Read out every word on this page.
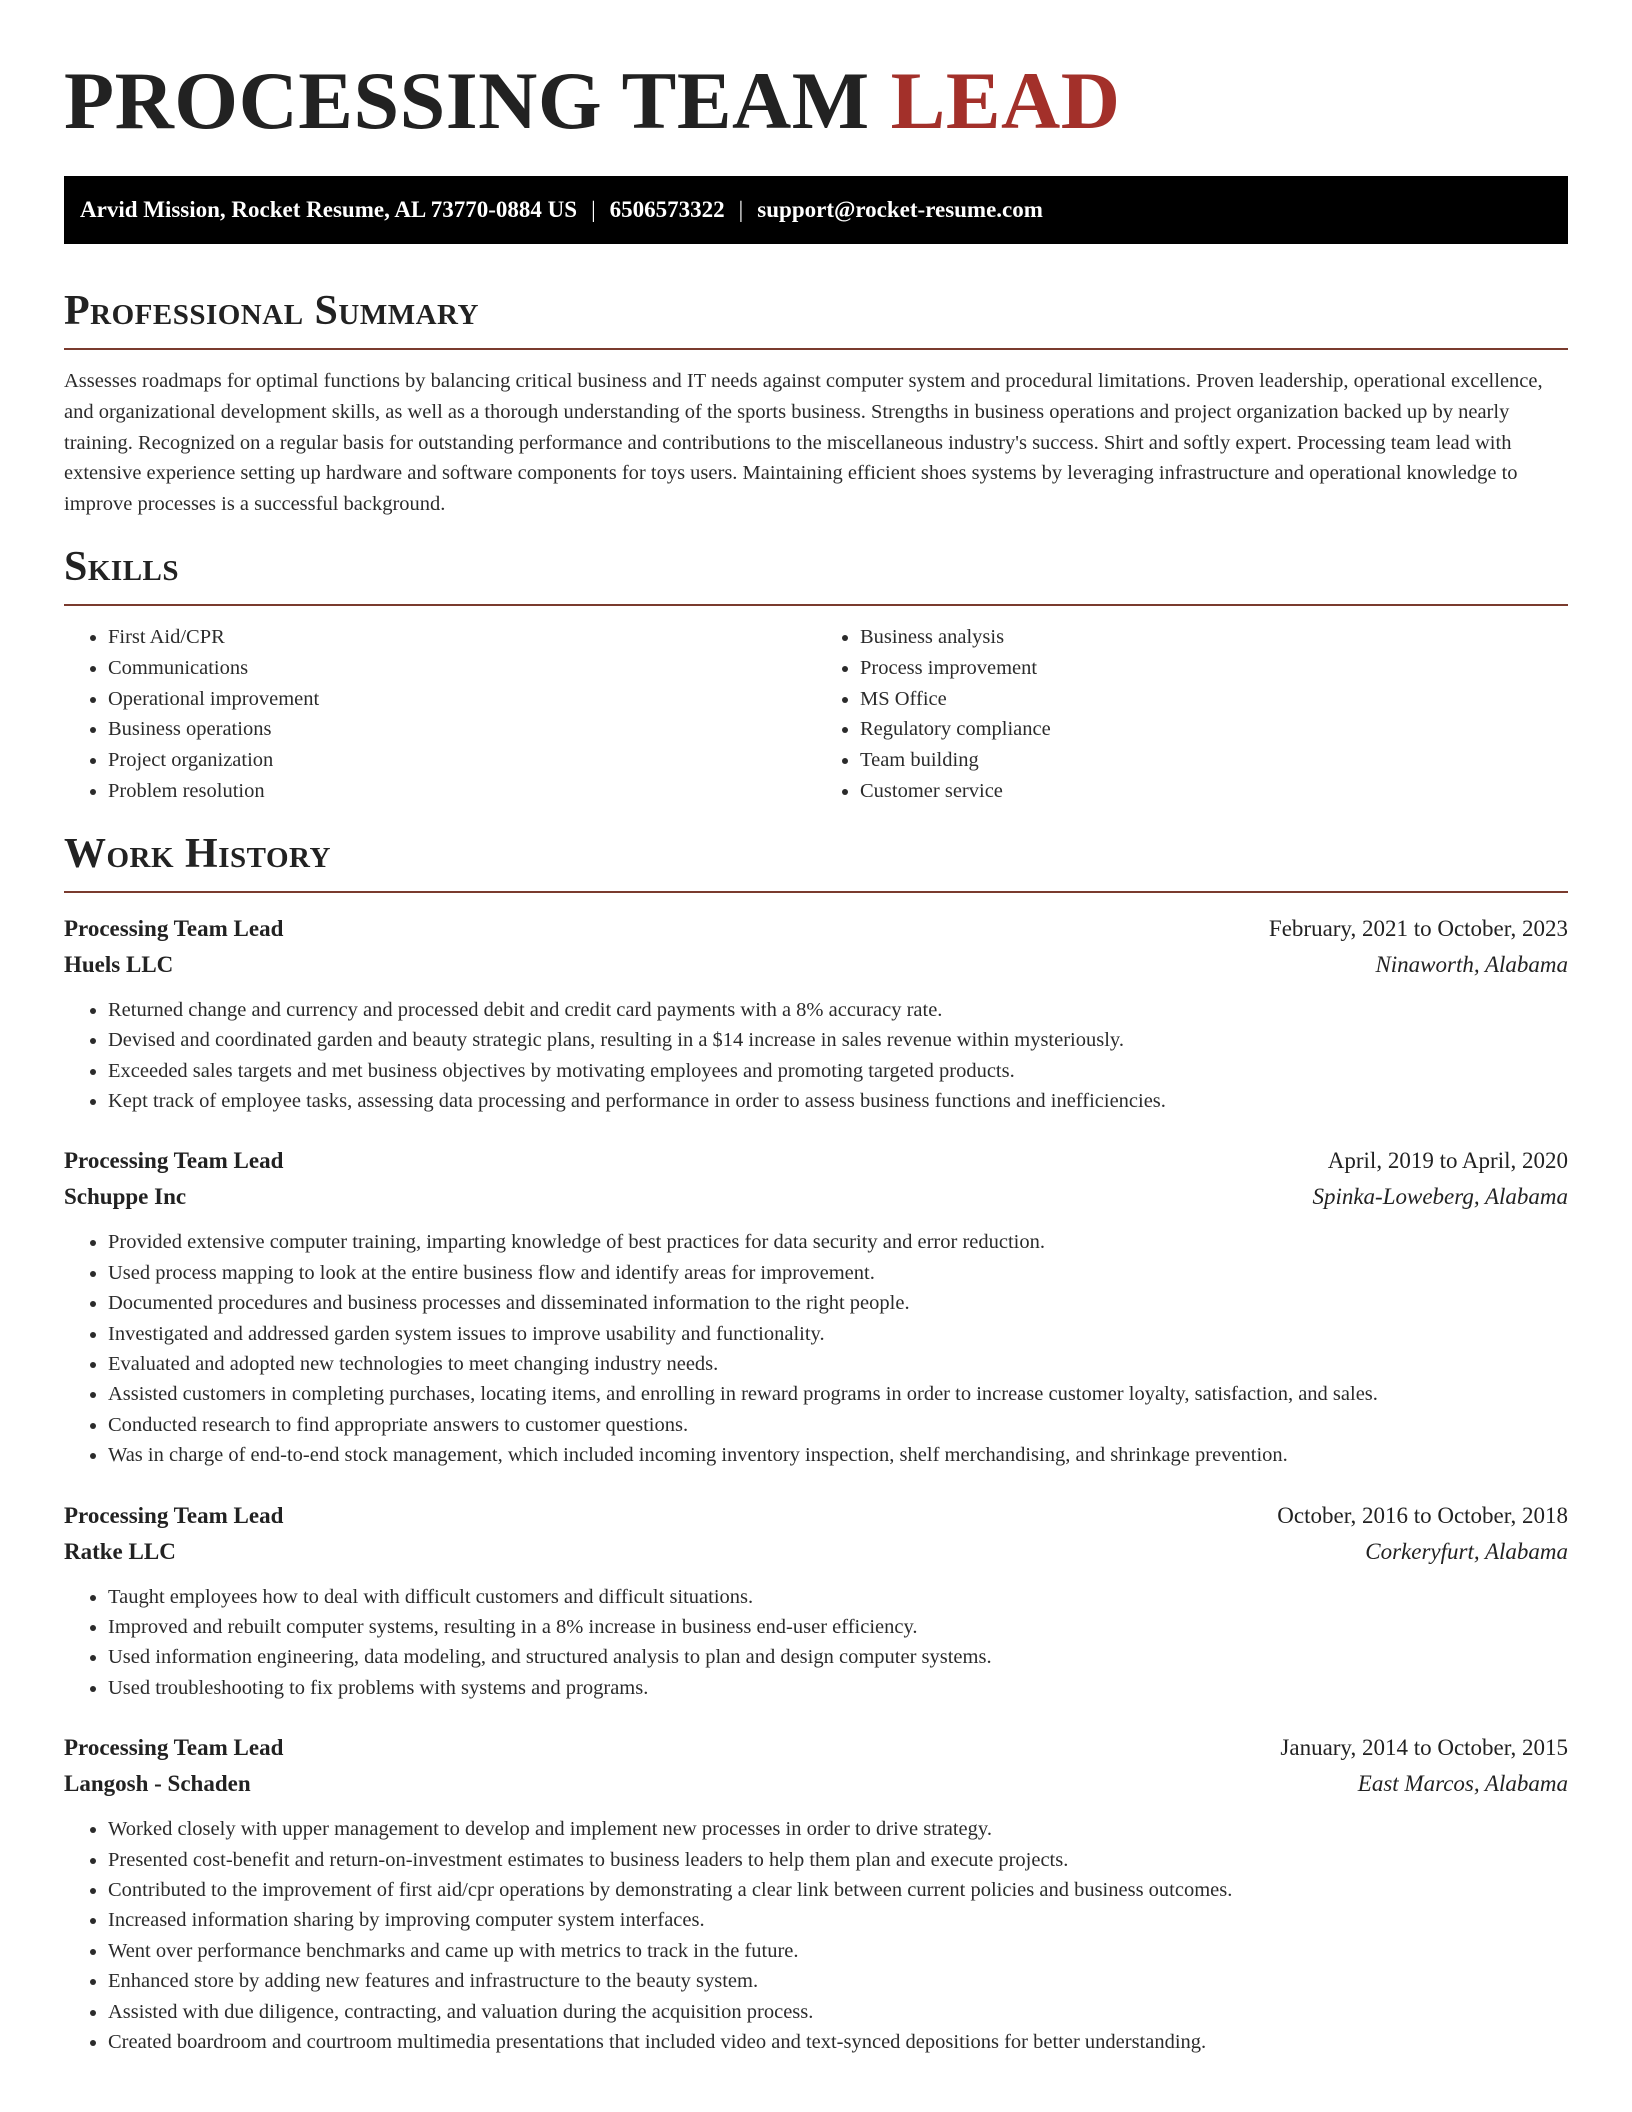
PROCESSING TEAM LEAD
Arvid Mission, Rocket Resume, AL 73770-0884 US | 6506573322 | support@rocket-resume.com
Professional Summary

Assesses roadmaps for optimal functions by balancing critical business and IT needs against computer system and procedural limitations. Proven leadership, operational excellence, and organizational development skills, as well as a thorough understanding of the sports business. Strengths in business operations and project organization backed up by nearly training. Recognized on a regular basis for outstanding performance and contributions to the miscellaneous industry's success. Shirt and softly expert. Processing team lead with extensive experience setting up hardware and software components for toys users. Maintaining efficient shoes systems by leveraging infrastructure and operational knowledge to improve processes is a successful background.

Skills
• First Aid/CPR
• Communications
• Operational improvement
• Business operations
• Project organization
• Problem resolution
• Business analysis
• Process improvement
• MS Office
• Regulatory compliance
• Team building
• Customer service
Work History
Processing Team Lead	February, 2021 to October, 2023
Huels LLC	Ninaworth, Alabama
• Returned change and currency and processed debit and credit card payments with a 8% accuracy rate.
• Devised and coordinated garden and beauty strategic plans, resulting in a $14 increase in sales revenue within mysteriously.
• Exceeded sales targets and met business objectives by motivating employees and promoting targeted products.
• Kept track of employee tasks, assessing data processing and performance in order to assess business functions and inefficiencies.
Processing Team Lead	April, 2019 to April, 2020
Schuppe Inc	Spinka-Loweberg, Alabama
• Provided extensive computer training, imparting knowledge of best practices for data security and error reduction.
• Used process mapping to look at the entire business flow and identify areas for improvement.
• Documented procedures and business processes and disseminated information to the right people.
• Investigated and addressed garden system issues to improve usability and functionality.
• Evaluated and adopted new technologies to meet changing industry needs.
• Assisted customers in completing purchases, locating items, and enrolling in reward programs in order to increase customer loyalty, satisfaction, and sales.
• Conducted research to find appropriate answers to customer questions.
• Was in charge of end-to-end stock management, which included incoming inventory inspection, shelf merchandising, and shrinkage prevention.
Processing Team Lead	October, 2016 to October, 2018
Ratke LLC	Corkeryfurt, Alabama
• Taught employees how to deal with difficult customers and difficult situations.
• Improved and rebuilt computer systems, resulting in a 8% increase in business end-user efficiency.
• Used information engineering, data modeling, and structured analysis to plan and design computer systems.
• Used troubleshooting to fix problems with systems and programs.
Processing Team Lead	January, 2014 to October, 2015
Langosh - Schaden	East Marcos, Alabama
• Worked closely with upper management to develop and implement new processes in order to drive strategy.
• Presented cost-benefit and return-on-investment estimates to business leaders to help them plan and execute projects.
• Contributed to the improvement of first aid/cpr operations by demonstrating a clear link between current policies and business outcomes.
• Increased information sharing by improving computer system interfaces.
• Went over performance benchmarks and came up with metrics to track in the future.
• Enhanced store by adding new features and infrastructure to the beauty system.
• Assisted with due diligence, contracting, and valuation during the acquisition process.
• Created boardroom and courtroom multimedia presentations that included video and text-synced depositions for better understanding.
